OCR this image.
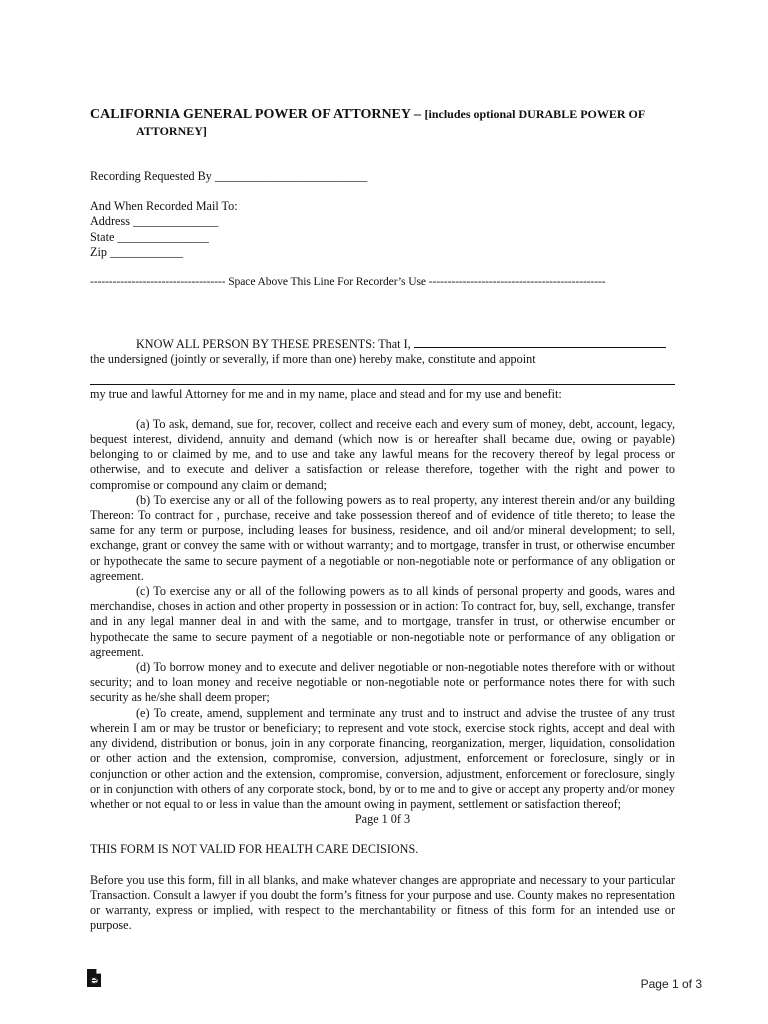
CALIFORNIA GENERAL POWER OF ATTORNEY – [includes optional DURABLE POWER OF
ATTORNEY]
Recording Requested By _________________________
And When Recorded Mail To:
Address ______________
State _______________
Zip ____________
------------------------------------ Space Above This Line For Recorder’s Use -----------------------------------------------
KNOW ALL PERSON BY THESE PRESENTS: That I,
the undersigned (jointly or severally, if more than one) hereby make, constitute and appoint
my true and lawful Attorney for me and in my name, place and stead and for my use and benefit:
(a) To ask, demand, sue for, recover, collect and receive each and every sum of money, debt, account, legacy, bequest interest, dividend, annuity and demand (which now is or hereafter shall became due, owing or payable) belonging to or claimed by me, and to use and take any lawful means for the recovery thereof by legal process or otherwise, and to execute and deliver a satisfaction or release therefore, together with the right and power to compromise or compound any claim or demand;
(b) To exercise any or all of the following powers as to real property, any interest therein and/or any building Thereon: To contract for , purchase, receive and take possession thereof and of evidence of title thereto; to lease the same for any term or purpose, including leases for business, residence, and oil and/or mineral development; to sell, exchange, grant or convey the same with or without warranty; and to mortgage, transfer in trust, or otherwise encumber or hypothecate the same to secure payment of a negotiable or non-negotiable note or performance of any obligation or agreement.
(c) To exercise any or all of the following powers as to all kinds of personal property and goods, wares and merchandise, choses in action and other property in possession or in action: To contract for, buy, sell, exchange, transfer and in any legal manner deal in and with the same, and to mortgage, transfer in trust, or otherwise encumber or hypothecate the same to secure payment of a negotiable or non-negotiable note or performance of any obligation or agreement.
(d) To borrow money and to execute and deliver negotiable or non-negotiable notes therefore with or without security; and to loan money and receive negotiable or non-negotiable note or performance notes there for with such security as he/she shall deem proper;
(e) To create, amend, supplement and terminate any trust and to instruct and advise the trustee of any trust wherein I am or may be trustor or beneficiary; to represent and vote stock, exercise stock rights, accept and deal with any dividend, distribution or bonus, join in any corporate financing, reorganization, merger, liquidation, consolidation or other action and the extension, compromise, conversion, adjustment, enforcement or foreclosure, singly or in conjunction or other action and the extension, compromise, conversion, adjustment, enforcement or foreclosure, singly or in conjunction with others of any corporate stock, bond, by or to me and to give or accept any property and/or money whether or not equal to or less in value than the amount owing in payment, settlement or satisfaction thereof;
Page 1 0f 3
THIS FORM IS NOT VALID FOR HEALTH CARE DECISIONS.
Before you use this form, fill in all blanks, and make whatever changes are appropriate and necessary to your particular Transaction. Consult a lawyer if you doubt the form’s fitness for your purpose and use. County makes no representation or warranty, express or implied, with respect to the merchantability or fitness of this form for an intended use or purpose.
Page 1 of 3
